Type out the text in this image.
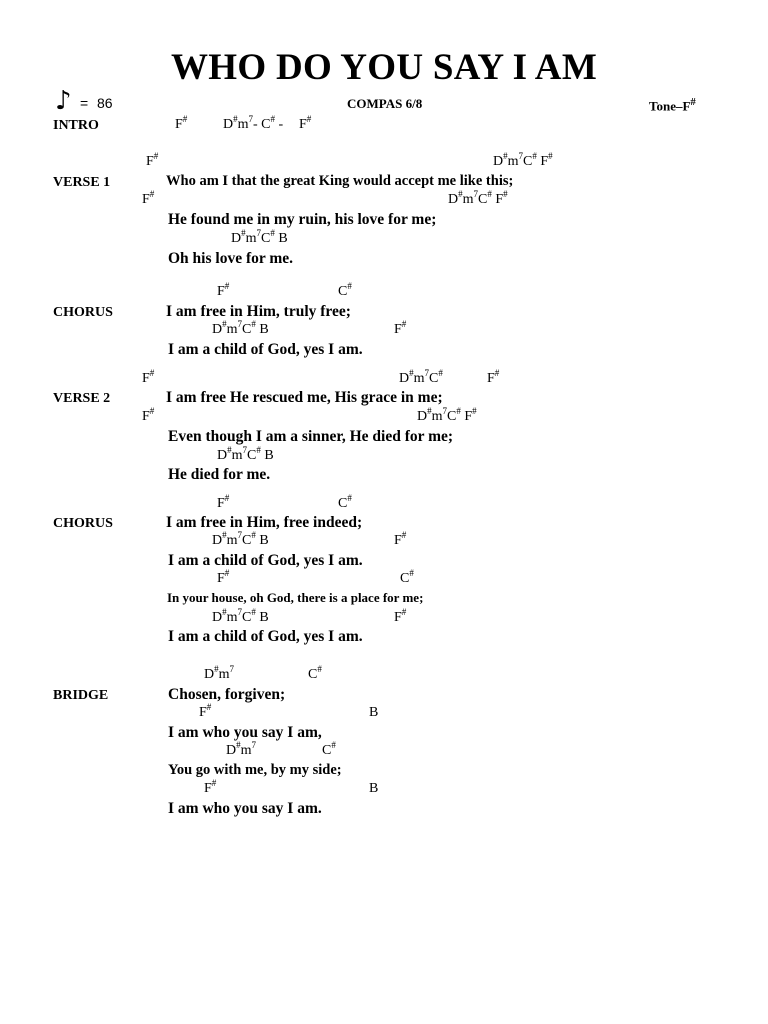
WHO DO YOU SAY I AM
♪ = 86	COMPAS 6/8	Tone–F#
INTRO	F#	$D^{\#}m^7-$ C# - F#
F#	$D^{\#}m^7C^{\#}$ F#
VERSE 1	Who am I that the great King would accept me like this;
F#	$D^{\#}m^7C^{\#}$ F#
He found me in my ruin, his love for me;
$D^{\#}m^7C^{\#}$ B
Oh his love for me.
F#	C#
CHORUS	I am free in Him, truly free;
$D^{\#}m^7C^{\#}$ B	F#
I am a child of God, yes I am.
F#	$D^{\#}m^7C^{\#}$	F#
VERSE 2	I am free He rescued me, His grace in me;
F#	$D^{\#}m^7C^{\#}$ F#
Even though I am a sinner, He died for me;
$D^{\#}m^7C^{\#}$ B
He died for me.
F#	C#
CHORUS	I am free in Him, free indeed;
$D^{\#}m^7C^{\#}$ B	F#
I am a child of God, yes I am.
F#	C#
In your house, oh God, there is a place for me;
$D^{\#}m^7C^{\#}$ B	F#
I am a child of God, yes I am.
$D^{\#}m^7$	C#
BRIDGE	Chosen, forgiven;
F#	B
I am who you say I am,
$D^{\#}m^7$	C#
You go with me, by my side;
F#	B
I am who you say I am.
